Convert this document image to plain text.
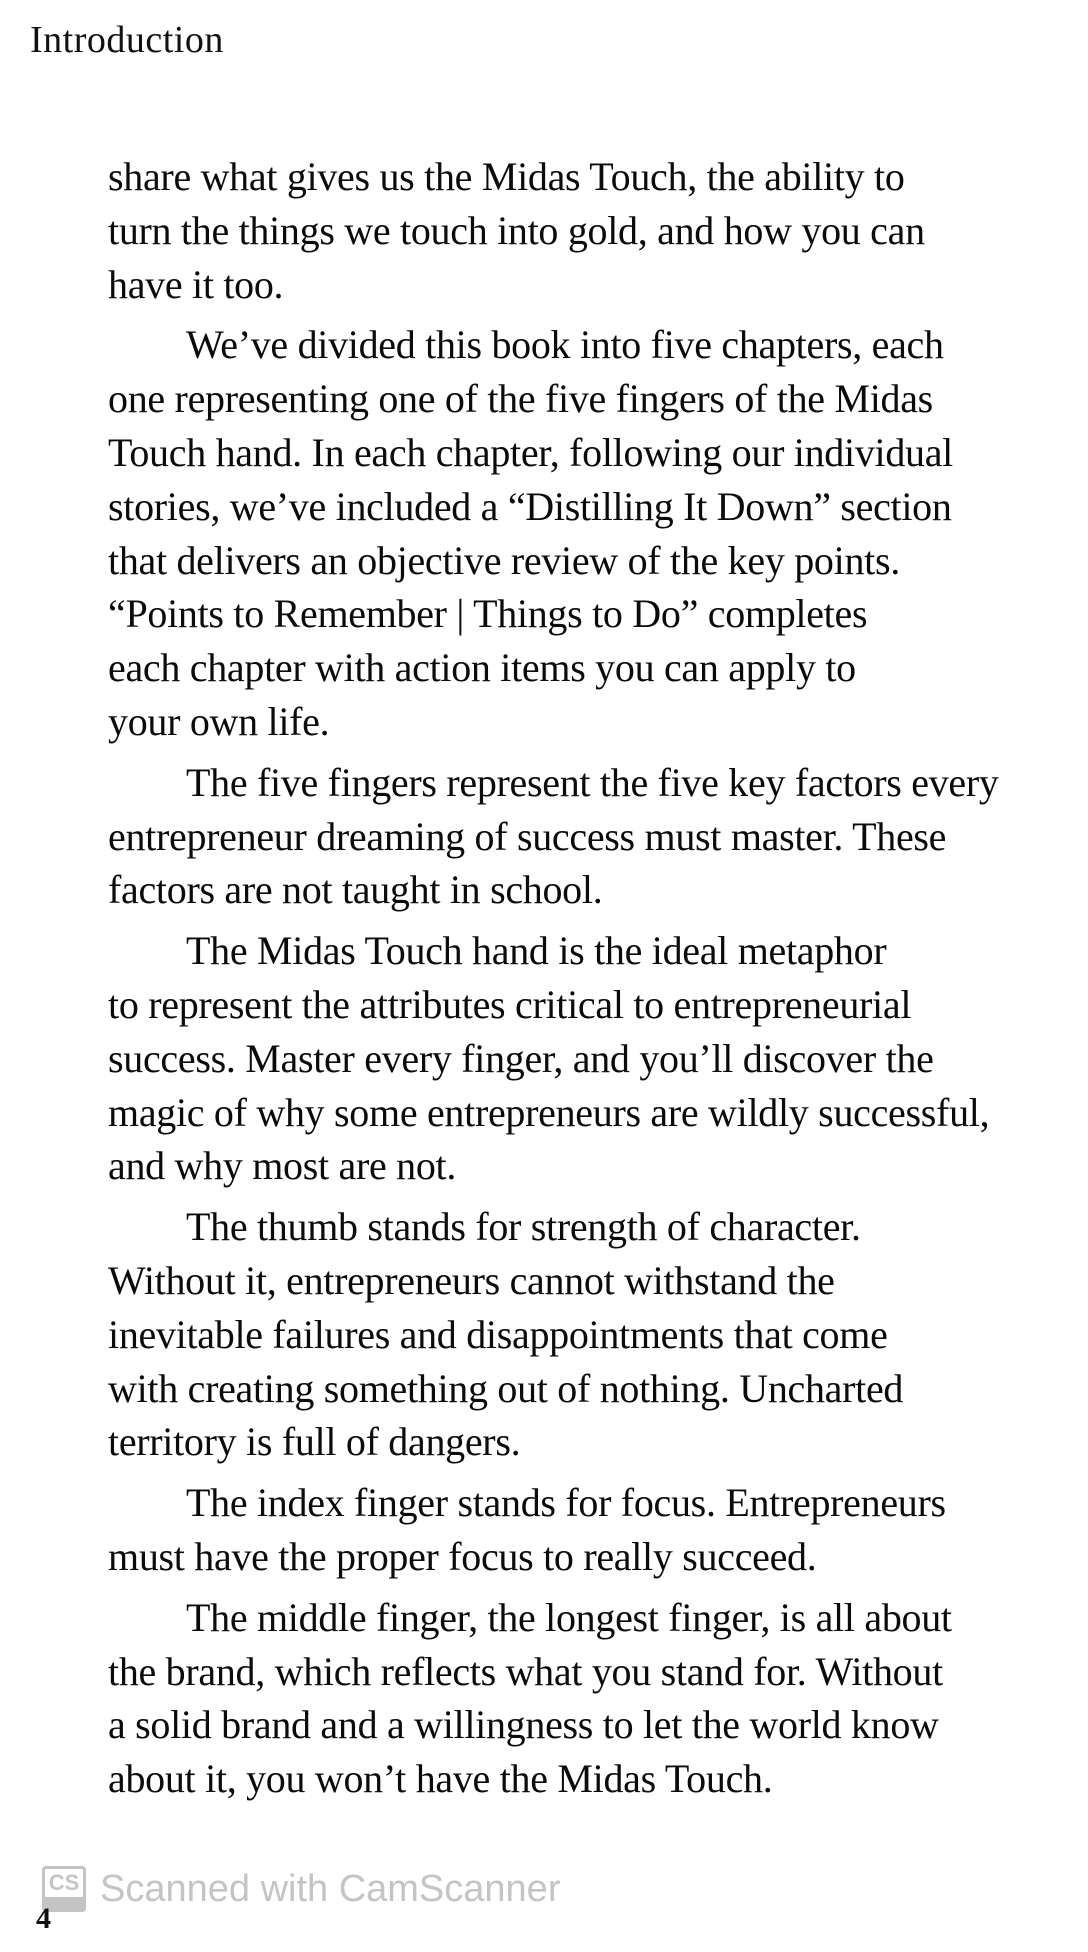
Introduction
share what gives us the Midas Touch, the ability to
turn the things we touch into gold, and how you can
have it too.
We’ve divided this book into five chapters, each
one representing one of the five fingers of the Midas
Touch hand. In each chapter, following our individual
stories, we’ve included a “Distilling It Down” section
that delivers an objective review of the key points.
“Points to Remember | Things to Do” completes
each chapter with action items you can apply to
your own life.
The five fingers represent the five key factors every
entrepreneur dreaming of success must master. These
factors are not taught in school.
The Midas Touch hand is the ideal metaphor
to represent the attributes critical to entrepreneurial
success. Master every finger, and you’ll discover the
magic of why some entrepreneurs are wildly successful,
and why most are not.
The thumb stands for strength of character.
Without it, entrepreneurs cannot withstand the
inevitable failures and disappointments that come
with creating something out of nothing. Uncharted
territory is full of dangers.
The index finger stands for focus. Entrepreneurs
must have the proper focus to really succeed.
The middle finger, the longest finger, is all about
the brand, which reflects what you stand for. Without
a solid brand and a willingness to let the world know
about it, you won’t have the Midas Touch.
CS Scanned with CamScanner
4
